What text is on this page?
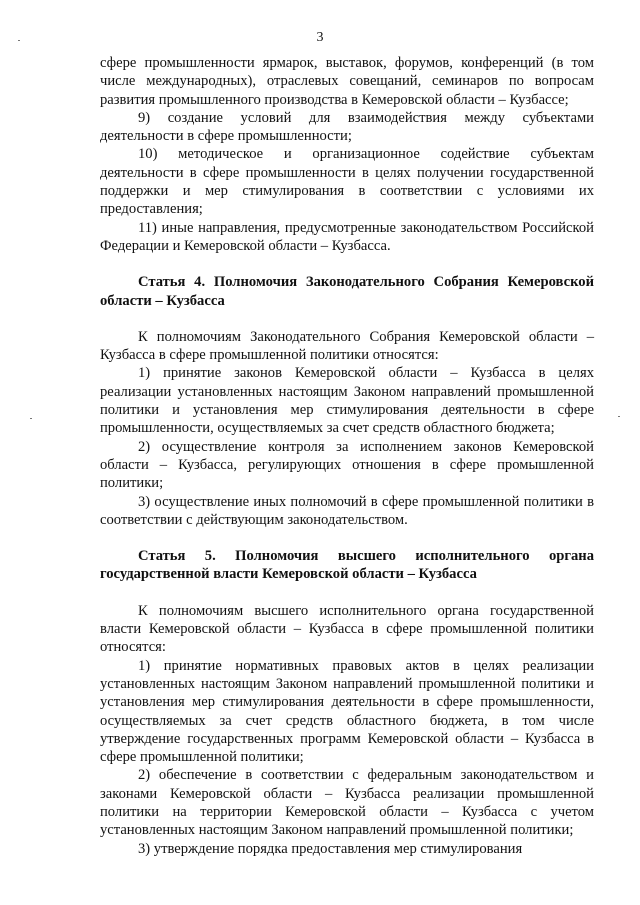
3

сфере промышленности ярмарок, выставок, форумов, конференций (в том числе международных), отраслевых совещаний, семинаров по вопросам развития промышленного производства в Кемеровской области – Кузбассе;

9) создание условий для взаимодействия между субъектами деятельности в сфере промышленности;

10) методическое и организационное содействие субъектам деятельности в сфере промышленности в целях получении государственной поддержки и мер стимулирования в соответствии с условиями их предоставления;

11) иные направления, предусмотренные законодательством Российской Федерации и Кемеровской области – Кузбасса.

Статья 4. Полномочия Законодательного Собрания Кемеровской области – Кузбасса

К полномочиям Законодательного Собрания Кемеровской области – Кузбасса в сфере промышленной политики относятся:

1) принятие законов Кемеровской области – Кузбасса в целях реализации установленных настоящим Законом направлений промышленной политики и установления мер стимулирования деятельности в сфере промышленности, осуществляемых за счет средств областного бюджета;

2) осуществление контроля за исполнением законов Кемеровской области – Кузбасса, регулирующих отношения в сфере промышленной политики;

3) осуществление иных полномочий в сфере промышленной политики в соответствии с действующим законодательством.

Статья 5. Полномочия высшего исполнительного органа государственной власти Кемеровской области – Кузбасса

К полномочиям высшего исполнительного органа государственной власти Кемеровской области – Кузбасса в сфере промышленной политики относятся:

1) принятие нормативных правовых актов в целях реализации установленных настоящим Законом направлений промышленной политики и установления мер стимулирования деятельности в сфере промышленности, осуществляемых за счет средств областного бюджета, в том числе утверждение государственных программ Кемеровской области – Кузбасса в сфере промышленной политики;

2) обеспечение в соответствии с федеральным законодательством и законами Кемеровской области – Кузбасса реализации промышленной политики на территории Кемеровской области – Кузбасса с учетом установленных настоящим Законом направлений промышленной политики;

3) утверждение порядка предоставления мер стимулирования
